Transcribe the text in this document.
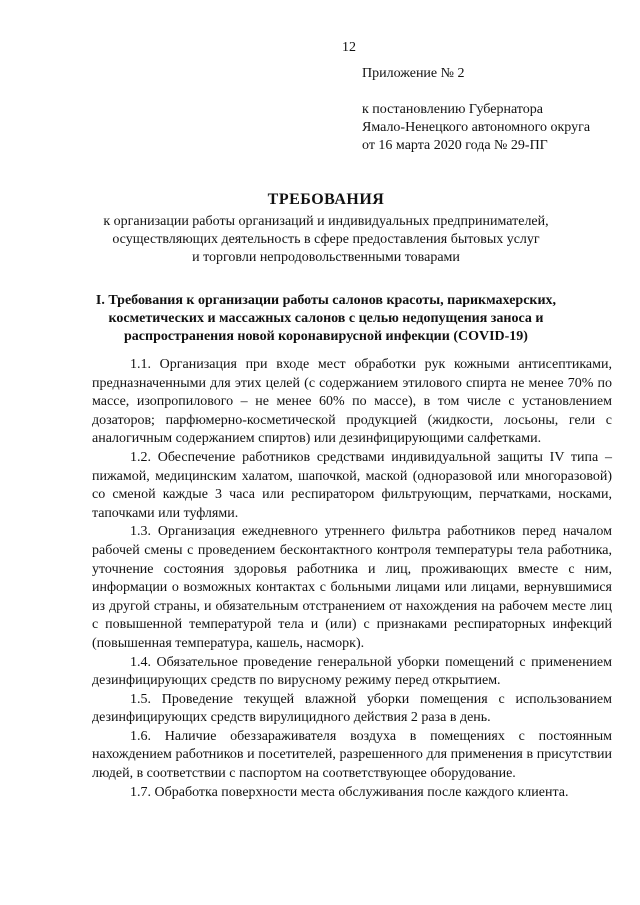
12
Приложение № 2
к постановлению Губернатора
Ямало-Ненецкого автономного округа
от 16 марта 2020 года № 29-ПГ
ТРЕБОВАНИЯ
к организации работы организаций и индивидуальных предпринимателей,
осуществляющих деятельность в сфере предоставления бытовых услуг
и торговли непродовольственными товарами
I. Требования к организации работы салонов красоты, парикмахерских,
косметических и массажных салонов с целью недопущения заноса и
распространения новой коронавирусной инфекции (COVID-19)

1.1. Организация при входе мест обработки рук кожными антисептиками, предназначенными для этих целей (с содержанием этилового спирта не менее 70% по массе, изопропилового – не менее 60% по массе), в том числе с установлением дозаторов; парфюмерно-косметической продукцией (жидкости, лосьоны, гели с аналогичным содержанием спиртов) или дезинфицирующими салфетками.

1.2. Обеспечение работников средствами индивидуальной защиты IV типа – пижамой, медицинским халатом, шапочкой, маской (одноразовой или многоразовой) со сменой каждые 3 часа или респиратором фильтрующим, перчатками, носками, тапочками или туфлями.

1.3. Организация ежедневного утреннего фильтра работников перед началом рабочей смены с проведением бесконтактного контроля температуры тела работника, уточнение состояния здоровья работника и лиц, проживающих вместе с ним, информации о возможных контактах с больными лицами или лицами, вернувшимися из другой страны, и обязательным отстранением от нахождения на рабочем месте лиц с повышенной температурой тела и (или) с признаками респираторных инфекций (повышенная температура, кашель, насморк).

1.4. Обязательное проведение генеральной уборки помещений с применением дезинфицирующих средств по вирусному режиму перед открытием.

1.5. Проведение текущей влажной уборки помещения с использованием дезинфицирующих средств вирулицидного действия 2 раза в день.

1.6. Наличие обеззараживателя воздуха в помещениях с постоянным нахождением работников и посетителей, разрешенного для применения в присутствии людей, в соответствии с паспортом на соответствующее оборудование.

1.7. Обработка поверхности места обслуживания после каждого клиента.
